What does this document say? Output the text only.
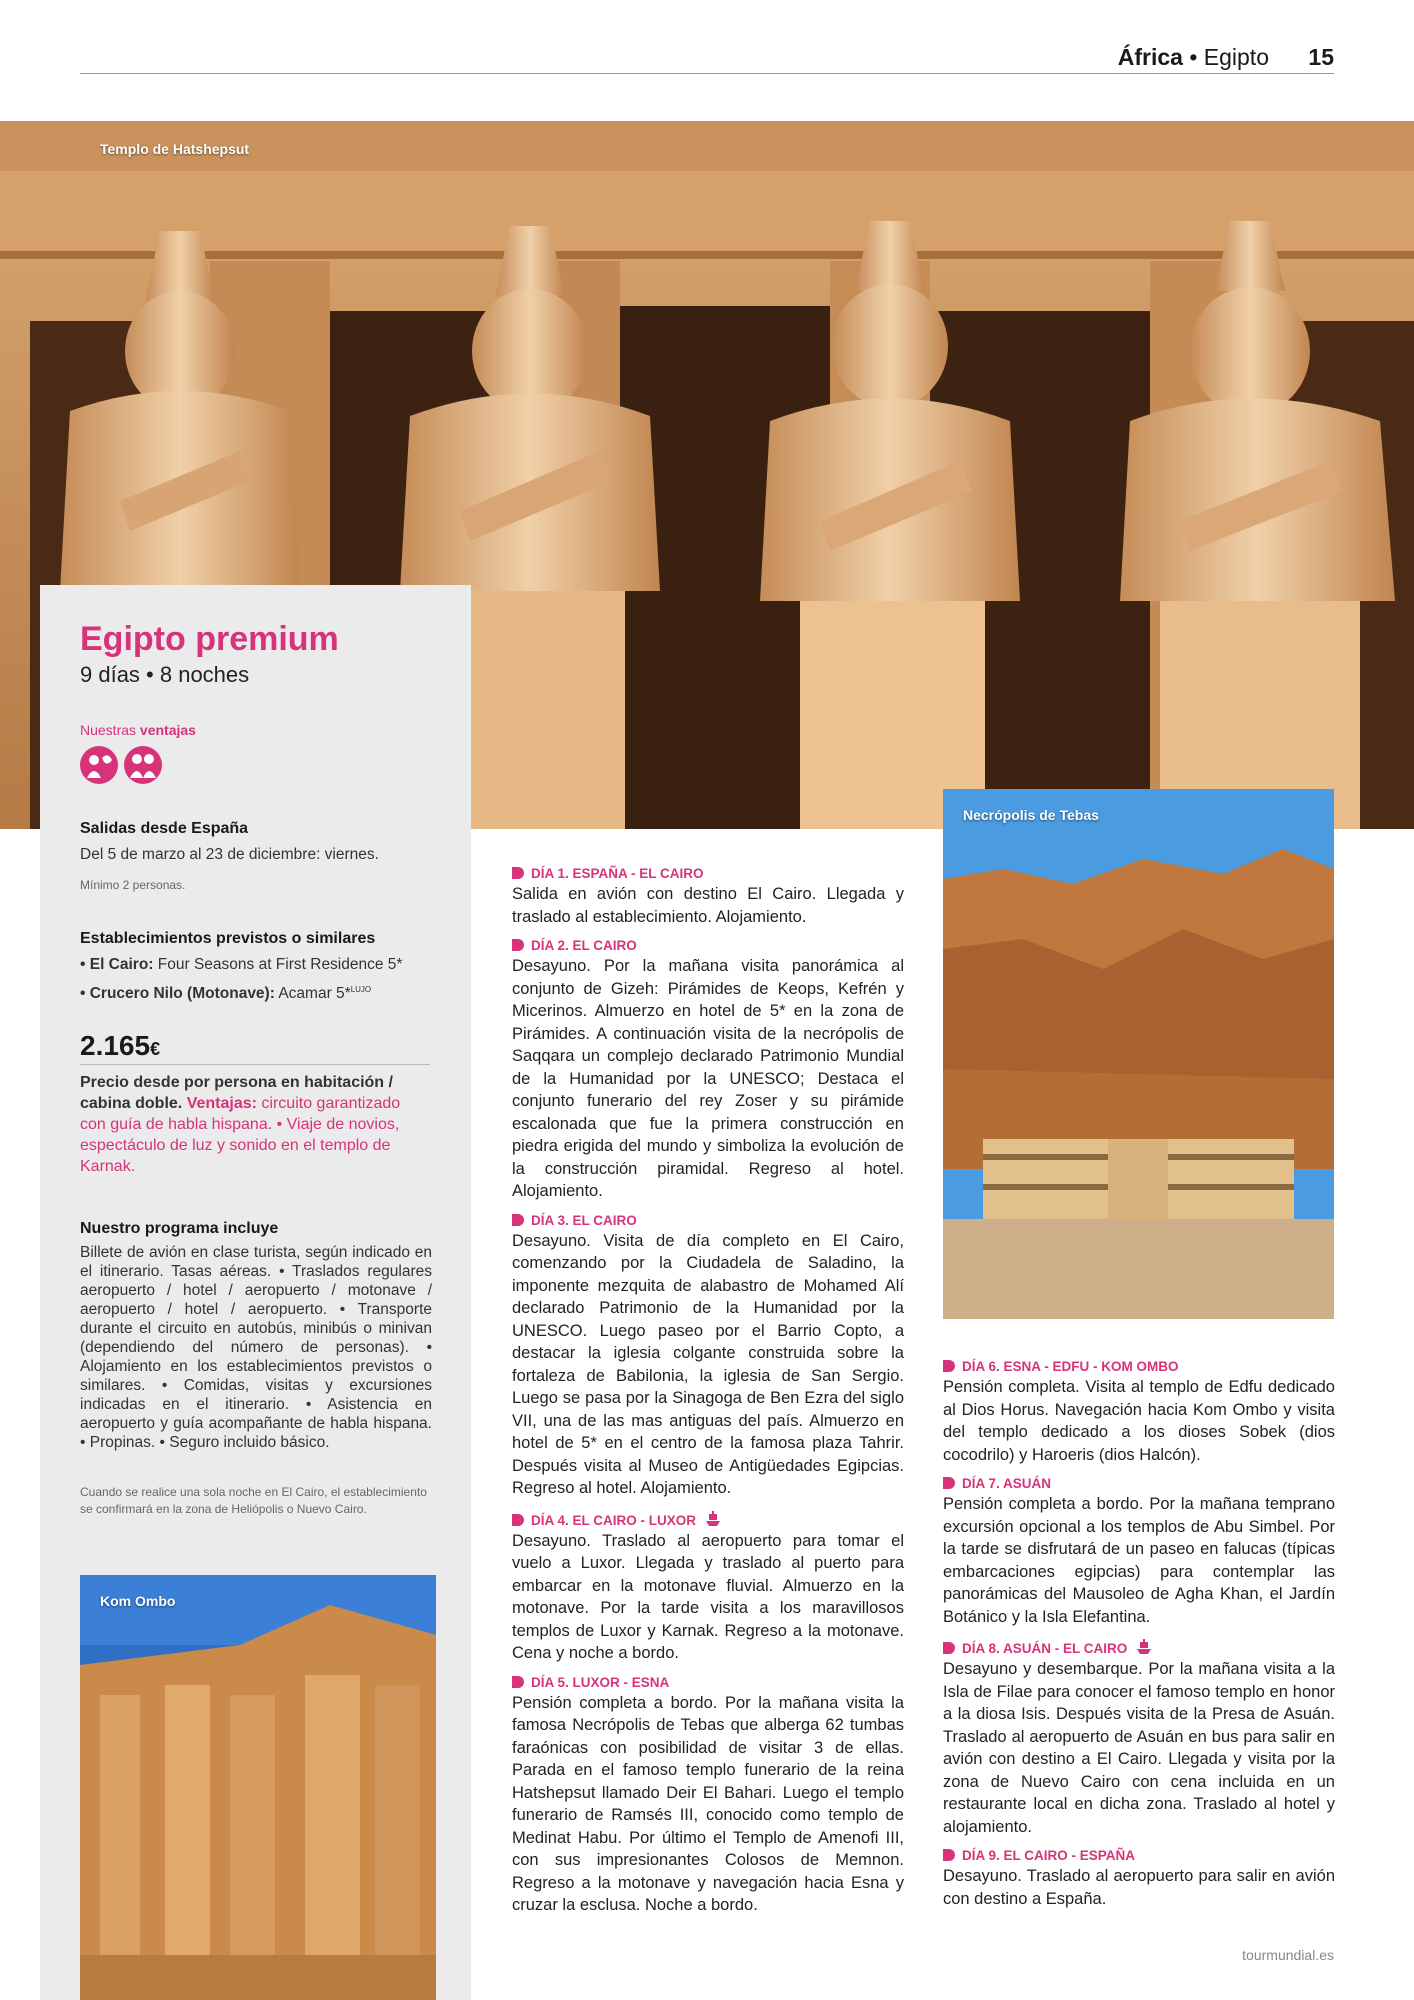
África • Egipto 15
Templo de Hatshepsut
Egipto premium
9 días • 8 noches
Nuestras ventajas
Salidas desde España
Del 5 de marzo al 23 de diciembre: viernes.
Mínimo 2 personas.
Establecimientos previstos o similares
• El Cairo: Four Seasons at First Residence 5*
• Crucero Nilo (Motonave): Acamar 5*$^{LUJO}$
2.165€
Precio desde por persona en habitación / cabina doble. Ventajas: circuito garantizado con guía de habla hispana. • Viaje de novios, espectáculo de luz y sonido en el templo de Karnak.
Nuestro programa incluye
Billete de avión en clase turista, según indicado en el itinerario. Tasas aéreas. • Traslados regulares aeropuerto / hotel / aeropuerto / motonave / aeropuerto / hotel / aeropuerto. • Transporte durante el circuito en autobús, minibús o minivan (dependiendo del número de personas). • Alojamiento en los establecimientos previstos o similares. • Comidas, visitas y excursiones indicadas en el itinerario. • Asistencia en aeropuerto y guía acompañante de habla hispana. • Propinas. • Seguro incluido básico.
Cuando se realice una sola noche en El Cairo, el establecimiento se confirmará en la zona de Heliópolis o Nuevo Cairo.
Kom Ombo
DÍA 1. ESPAÑA - EL CAIRO

Salida en avión con destino El Cairo. Llegada y traslado al establecimiento. Alojamiento.

DÍA 2. EL CAIRO

Desayuno. Por la mañana visita panorámica al conjunto de Gizeh: Pirámides de Keops, Kefrén y Micerinos. Almuerzo en hotel de 5* en la zona de Pirámides. A continuación visita de la necrópolis de Saqqara un complejo declarado Patrimonio Mundial de la Humanidad por la UNESCO; Destaca el conjunto funerario del rey Zoser y su pirámide escalonada que fue la primera construcción en piedra erigida del mundo y simboliza la evolución de la construcción piramidal. Regreso al hotel. Alojamiento.

DÍA 3. EL CAIRO

Desayuno. Visita de día completo en El Cairo, comenzando por la Ciudadela de Saladino, la imponente mezquita de alabastro de Mohamed Alí declarado Patrimonio de la Humanidad por la UNESCO. Luego paseo por el Barrio Copto, a destacar la iglesia colgante construida sobre la fortaleza de Babilonia, la iglesia de San Sergio. Luego se pasa por la Sinagoga de Ben Ezra del siglo VII, una de las mas antiguas del país. Almuerzo en hotel de 5* en el centro de la famosa plaza Tahrir. Después visita al Museo de Antigüedades Egipcias. Regreso al hotel. Alojamiento.

DÍA 4. EL CAIRO - LUXOR

Desayuno. Traslado al aeropuerto para tomar el vuelo a Luxor. Llegada y traslado al puerto para embarcar en la motonave fluvial. Almuerzo en la motonave. Por la tarde visita a los maravillosos templos de Luxor y Karnak. Regreso a la motonave. Cena y noche a bordo.

DÍA 5. LUXOR - ESNA

Pensión completa a bordo. Por la mañana visita la famosa Necrópolis de Tebas que alberga 62 tumbas faraónicas con posibilidad de visitar 3 de ellas. Parada en el famoso templo funerario de la reina Hatshepsut llamado Deir El Bahari. Luego el templo funerario de Ramsés III, conocido como templo de Medinat Habu. Por último el Templo de Amenofi III, con sus impresionantes Colosos de Memnon. Regreso a la motonave y navegación hacia Esna y cruzar la esclusa. Noche a bordo.

Necrópolis de Tebas
DÍA 6. ESNA - EDFU - KOM OMBO

Pensión completa. Visita al templo de Edfu dedicado al Dios Horus. Navegación hacia Kom Ombo y visita del templo dedicado a los dioses Sobek (dios cocodrilo) y Haroeris (dios Halcón).

DÍA 7. ASUÁN

Pensión completa a bordo. Por la mañana temprano excursión opcional a los templos de Abu Simbel. Por la tarde se disfrutará de un paseo en falucas (típicas embarcaciones egipcias) para contemplar las panorámicas del Mausoleo de Agha Khan, el Jardín Botánico y la Isla Elefantina.

DÍA 8. ASUÁN - EL CAIRO

Desayuno y desembarque. Por la mañana visita a la Isla de Filae para conocer el famoso templo en honor a la diosa Isis. Después visita de la Presa de Asuán. Traslado al aeropuerto de Asuán en bus para salir en avión con destino a El Cairo. Llegada y visita por la zona de Nuevo Cairo con cena incluida en un restaurante local en dicha zona. Traslado al hotel y alojamiento.

DÍA 9. EL CAIRO - ESPAÑA

Desayuno. Traslado al aeropuerto para salir en avión con destino a España.

tourmundial.es
